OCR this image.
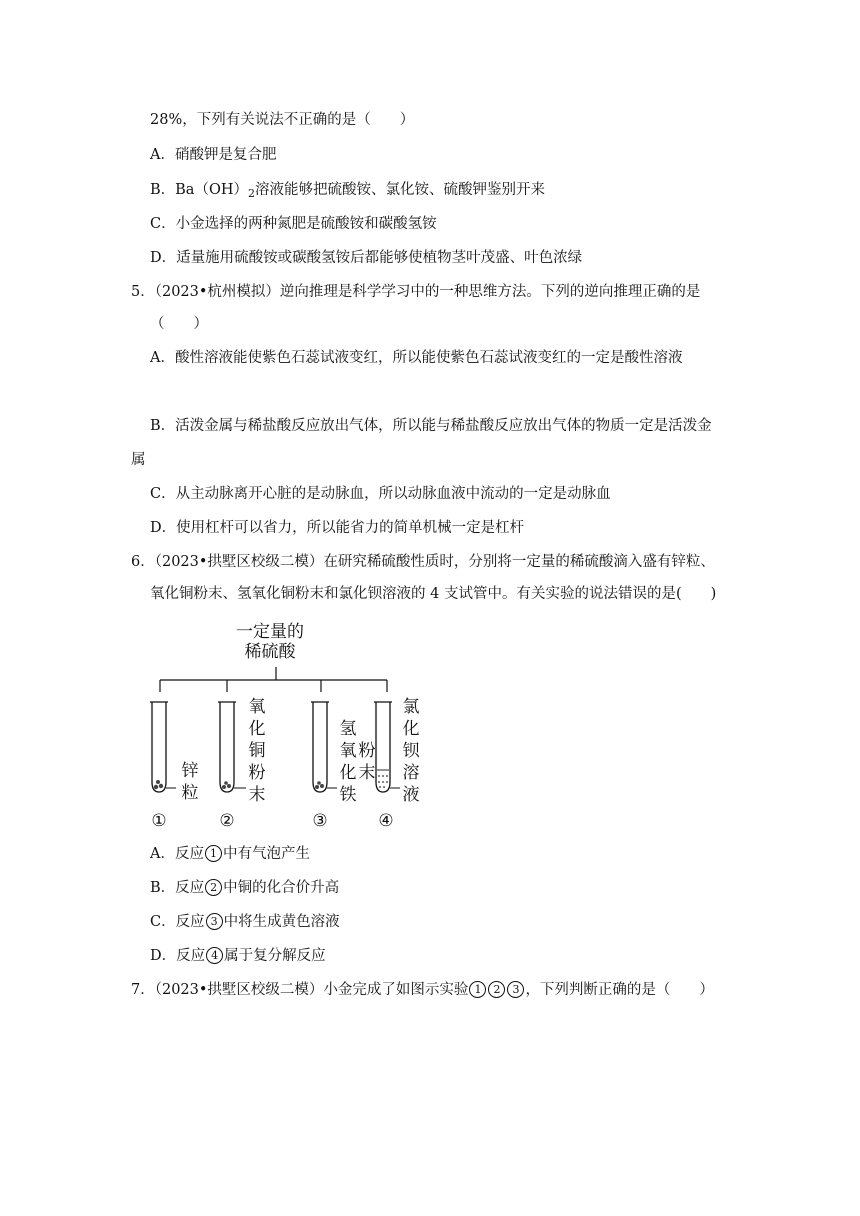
28%，下列有关说法不正确的是（　　）
A．硝酸钾是复合肥
B．$Ba(OH)_2$溶液能够把硫酸铵、氯化铵、硫酸钾鉴别开来
C．小金选择的两种氮肥是硫酸铵和碳酸氢铵
D．适量施用硫酸铵或碳酸氢铵后都能够使植物茎叶茂盛、叶色浓绿
5．（2023•杭州模拟）逆向推理是科学学习中的一种思维方法。下列的逆向推理正确的是
（　　）
A．酸性溶液能使紫色石蕊试液变红，所以能使紫色石蕊试液变红的一定是酸性溶液
B．活泼金属与稀盐酸反应放出气体，所以能与稀盐酸反应放出气体的物质一定是活泼金
属
C．从主动脉离开心脏的是动脉血，所以动脉血液中流动的一定是动脉血
D．使用杠杆可以省力，所以能省力的简单机械一定是杠杆
6．（2023•拱墅区校级二模）在研究稀硫酸性质时，分别将一定量的稀硫酸滴入盛有锌粒、
氧化铜粉末、氢氧化铜粉末和氯化钡溶液的 4 支试管中。有关实验的说法错误的是(　　)
一定量的
稀硫酸
锌
粒
氧
化
铜
粉
末
氢
氧
化
铁
粉
末
氯
化
钡
溶
液
①	②	③	④
A．反应 1 中有气泡产生
B．反应 2 中铜的化合价升高
C．反应 3 中将生成黄色溶液
D．反应 4 属于复分解反应
7．（2023•拱墅区校级二模）小金完成了如图示实验 1 2 3 ，下列判断正确的是（　　）
